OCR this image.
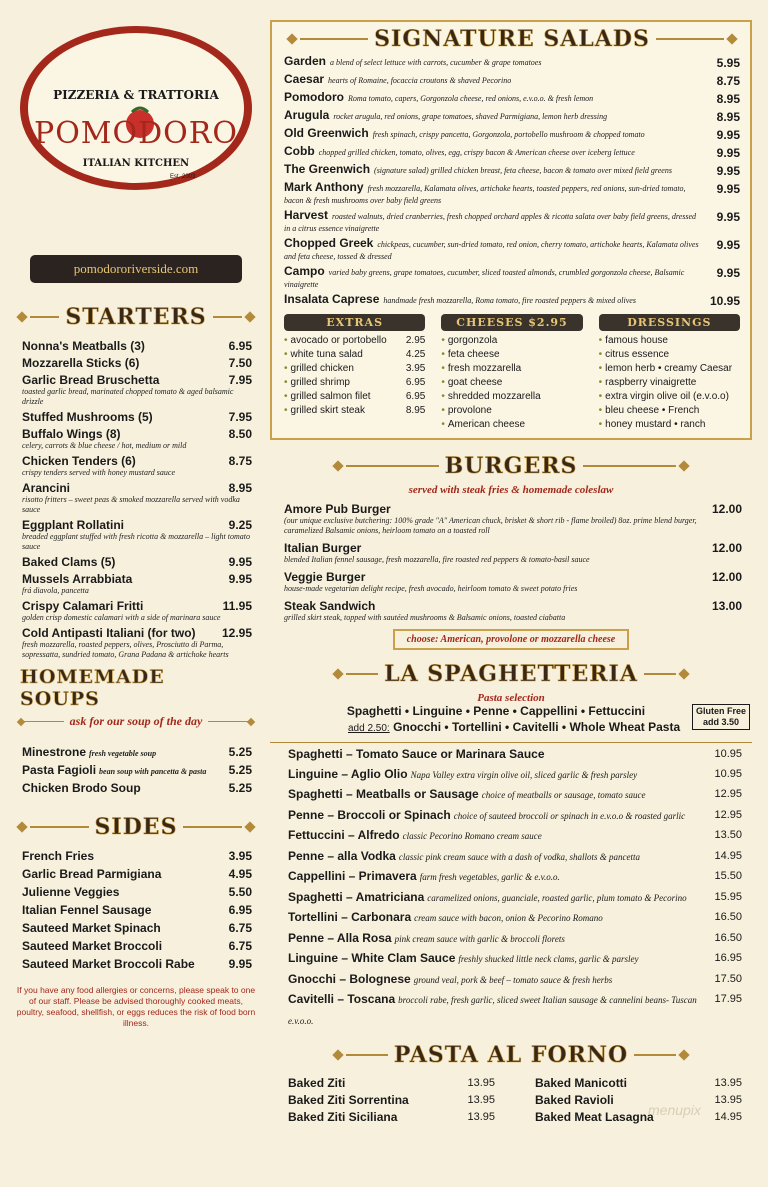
PIZZERIA & TRATTORIA
POMODORO
ITALIAN KITCHEN
Est. 2003
pomodororiverside.com
STARTERS
Nonna's Meatballs (3)	6.95
Mozzarella Sticks (6)	7.50
Garlic Bread Bruschetta	7.95
toasted garlic bread, marinated chopped tomato & aged balsamic drizzle
Stuffed Mushrooms (5)	7.95
Buffalo Wings (8)	8.50
celery, carrots & blue cheese / hot, medium or mild
Chicken Tenders (6)	8.75
crispy tenders served with honey mustard sauce
Arancini	8.95
risotto fritters – sweet peas & smoked mozzarella served with vodka sauce
Eggplant Rollatini	9.25
breaded eggplant stuffed with fresh ricotta & mozzarella – light tomato sauce
Baked Clams (5)	9.95
Mussels Arrabbiata	9.95
frá diavola, pancetta
Crispy Calamari Fritti	11.95
golden crisp domestic calamari with a side of marinara sauce
Cold Antipasti Italiani (for two) 12.95
fresh mozzarella, roasted peppers, olives, Prosciutto di Parma, sopressatta, sundried tomato, Grana Padana & artichoke hearts
HOMEMADE SOUPS
ask for our soup of the day
Minestrone fresh vegetable soup	5.25
Pasta Fagioli bean soup with pancetta & pasta 5.25
Chicken Brodo Soup	5.25
SIDES
French Fries	3.95
Garlic Bread Parmigiana	4.95
Julienne Veggies	5.50
Italian Fennel Sausage	6.95
Sauteed Market Spinach	6.75
Sauteed Market Broccoli	6.75
Sauteed Market Broccoli Rabe	9.95
If you have any food allergies or concerns, please speak to one of our staff. Please be advised thoroughly cooked meats, poultry, seafood, shellfish, or eggs reduces the risk of food born illness.
SIGNATURE SALADS
Garden a blend of select lettuce with carrots, cucumber & grape tomatoes	5.95
Caesar hearts of Romaine, focaccia croutons & shaved Pecorino	8.75
Pomodoro Roma tomato, capers, Gorgonzola cheese, red onions, e.v.o.o. & fresh lemon	8.95
Arugula rocket arugula, red onions, grape tomatoes, shaved Parmigiana, lemon herb dressing	8.95
Old Greenwich fresh spinach, crispy pancetta, Gorgonzola, portobello mushroom & chopped tomato	9.95
Cobb chopped grilled chicken, tomato, olives, egg, crispy bacon & American cheese over iceberg lettuce	9.95
The Greenwich (signature salad) grilled chicken breast, feta cheese, bacon & tomato over mixed field greens	9.95
Mark Anthony fresh mozzarella, Kalamata olives, artichoke hearts, toasted peppers, red onions, sun-dried tomato, bacon & fresh mushrooms over baby field greens
9.95
Harvest roasted walnuts, dried cranberries, fresh chopped orchard apples & ricotta salata over baby field greens, dressed in a citrus essence vinaigrette
9.95
Chopped Greek chickpeas, cucumber, sun-dried tomato, red onion, cherry tomato, artichoke hearts, Kalamata olives and feta cheese, tossed & dressed
9.95
Campo varied baby greens, grape tomatoes, cucumber, sliced toasted almonds, crumbled gorgonzola cheese, Balsamic vinaigrette
9.95
Insalata Caprese handmade fresh mozzarella, Roma tomato, fire roasted peppers & mixed olives	10.95
EXTRAS
• avocado or portobello 2.95
• white tuna salad	4.25
• grilled chicken	3.95
• grilled shrimp	6.95
• grilled salmon filet	6.95
• grilled skirt steak	8.95
CHEESES $2.95
• gorgonzola
• feta cheese
• fresh mozzarella
• goat cheese
• shredded mozzarella
• provolone
• American cheese
DRESSINGS
• famous house
• citrus essence
• lemon herb • creamy Caesar
• raspberry vinaigrette
• extra virgin olive oil (e.v.o.o)
• bleu cheese • French
• honey mustard • ranch
BURGERS
served with steak fries & homemade coleslaw
Amore Pub Burger	12.00
(our unique exclusive butchering: 100% grade "A" American chuck, brisket & short rib - flame broiled) 8oz. prime blend burger, caramelized Balsamic onions, heirloom tomato on a toasted roll
Italian Burger	12.00
blended Italian fennel sausage, fresh mozzarella, fire roasted red peppers & tomato-basil sauce
Veggie Burger	12.00
house-made vegetarian delight recipe, fresh avocado, heirloom tomato & sweet potato fries
Steak Sandwich	13.00
grilled skirt steak, topped with sautéed mushrooms & Balsamic onions, toasted ciabatta
choose: American, provolone or mozzarella cheese
LA SPAGHETTERIA
Pasta selection
Spaghetti • Linguine • Penne • Cappellini • Fettuccini
add 2.50: Gnocchi • Tortellini • Cavitelli • Whole Wheat Pasta
Gluten Free
add 3.50
Spaghetti – Tomato Sauce or Marinara Sauce	10.95
Linguine – Aglio Olio Napa Valley extra virgin olive oil, sliced garlic & fresh parsley	10.95
Spaghetti – Meatballs or Sausage choice of meatballs or sausage, tomato sauce	12.95
Penne – Broccoli or Spinach choice of sauteed broccoli or spinach in e.v.o.o & roasted garlic	12.95
Fettuccini – Alfredo classic Pecorino Romano cream sauce	13.50
Penne – alla Vodka classic pink cream sauce with a dash of vodka, shallots & pancetta	14.95
Cappellini – Primavera farm fresh vegetables, garlic & e.v.o.o.	15.50
Spaghetti – Amatriciana caramelized onions, guanciale, roasted garlic, plum tomato & Pecorino	15.95
Tortellini – Carbonara cream sauce with bacon, onion & Pecorino Romano	16.50
Penne – Alla Rosa pink cream sauce with garlic & broccoli florets	16.50
Linguine – White Clam Sauce freshly shucked little neck clams, garlic & parsley	16.95
Gnocchi – Bolognese ground veal, pork & beef – tomato sauce & fresh herbs	17.50
Cavitelli – Toscana broccoli rabe, fresh garlic, sliced sweet Italian sausage & cannelini beans- Tuscan e.v.o.o.
17.95
PASTA AL FORNO
Baked Ziti	13.95
Baked Ziti Sorrentina	13.95
Baked Ziti Siciliana	13.95
Baked Manicotti	13.95
Baked Ravioli	13.95
Baked Meat Lasagna	14.95
menupix
